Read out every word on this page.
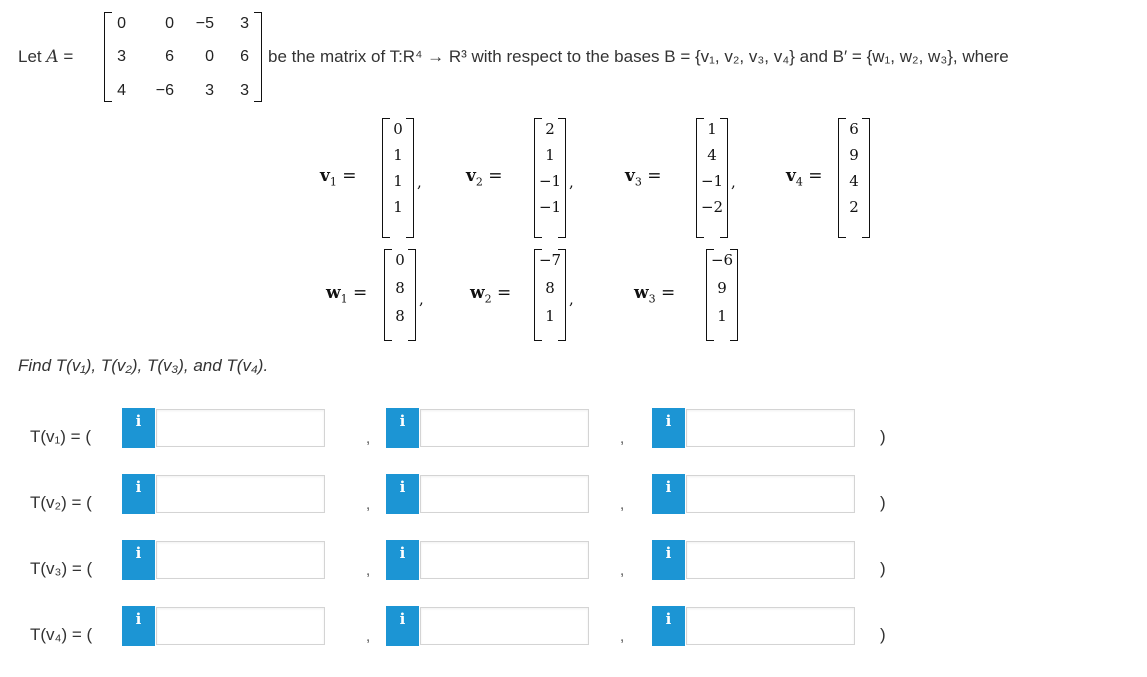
Let A =
0	0	−5	3
3	6	0	6
4	−6	3	3
be the matrix of T:R⁴ → R³ with respect to the bases B = {v₁, v₂, v₃, v₄} and B′ = {w₁, w₂, w₃}, where
$v_1$ =
0
1
1
1
,	$v_2$ =
2
1
−1
−1
,	$v_3$ =
1
4
−1
−2
,	$v_4$ =
6
9
4
2
$w_1$ =
0
8
8
,	$w_2$ =
−7
8
1
,	$w_3$ =
−6
9
1
Find T(v₁), T(v₂), T(v₃), and T(v₄).
T(v₁) = (
i
,
i
,
i
)
T(v₂) = (
i
,
i
,
i
)
T(v₃) = (
i
,
i
,
i
)
T(v₄) = (
i
,
i
,
i
)
